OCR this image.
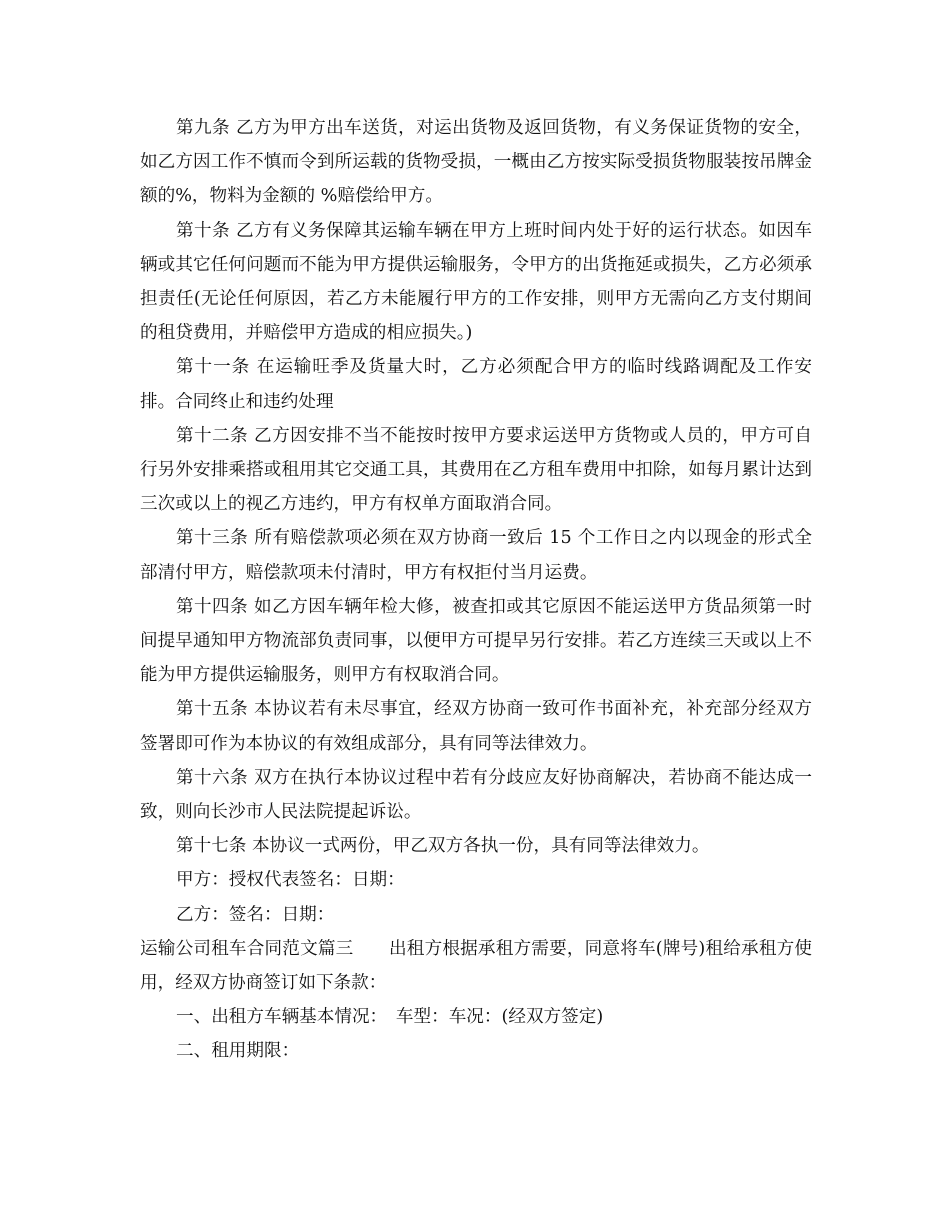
第九条 乙方为甲方出车送货，对运出货物及返回货物，有义务保证货物的安全，如乙方因工作不慎而令到所运载的货物受损，一概由乙方按实际受损货物服装按吊牌金额的%，物料为金额的 %赔偿给甲方。

第十条 乙方有义务保障其运输车辆在甲方上班时间内处于好的运行状态。如因车辆或其它任何问题而不能为甲方提供运输服务，令甲方的出货拖延或损失，乙方必须承担责任(无论任何原因，若乙方未能履行甲方的工作安排，则甲方无需向乙方支付期间的租贷费用，并赔偿甲方造成的相应损失。)

第十一条 在运输旺季及货量大时，乙方必须配合甲方的临时线路调配及工作安排。合同终止和违约处理

第十二条 乙方因安排不当不能按时按甲方要求运送甲方货物或人员的，甲方可自行另外安排乘搭或租用其它交通工具，其费用在乙方租车费用中扣除，如每月累计达到三次或以上的视乙方违约，甲方有权单方面取消合同。

第十三条 所有赔偿款项必须在双方协商一致后 15 个工作日之内以现金的形式全部清付甲方，赔偿款项未付清时，甲方有权拒付当月运费。

第十四条 如乙方因车辆年检大修，被查扣或其它原因不能运送甲方货品须第一时间提早通知甲方物流部负责同事，以便甲方可提早另行安排。若乙方连续三天或以上不能为甲方提供运输服务，则甲方有权取消合同。

第十五条 本协议若有未尽事宜，经双方协商一致可作书面补充，补充部分经双方签署即可作为本协议的有效组成部分，具有同等法律效力。

第十六条 双方在执行本协议过程中若有分歧应友好协商解决，若协商不能达成一致，则向长沙市人民法院提起诉讼。

第十七条 本协议一式两份，甲乙双方各执一份，具有同等法律效力。

甲方：授权代表签名：日期：

乙方：签名：日期：

运输公司租车合同范文篇三　　出租方根据承租方需要，同意将车(牌号)租给承租方使用，经双方协商签订如下条款：

一、出租方车辆基本情况：　车型：车况：(经双方签定)

二、租用期限：
